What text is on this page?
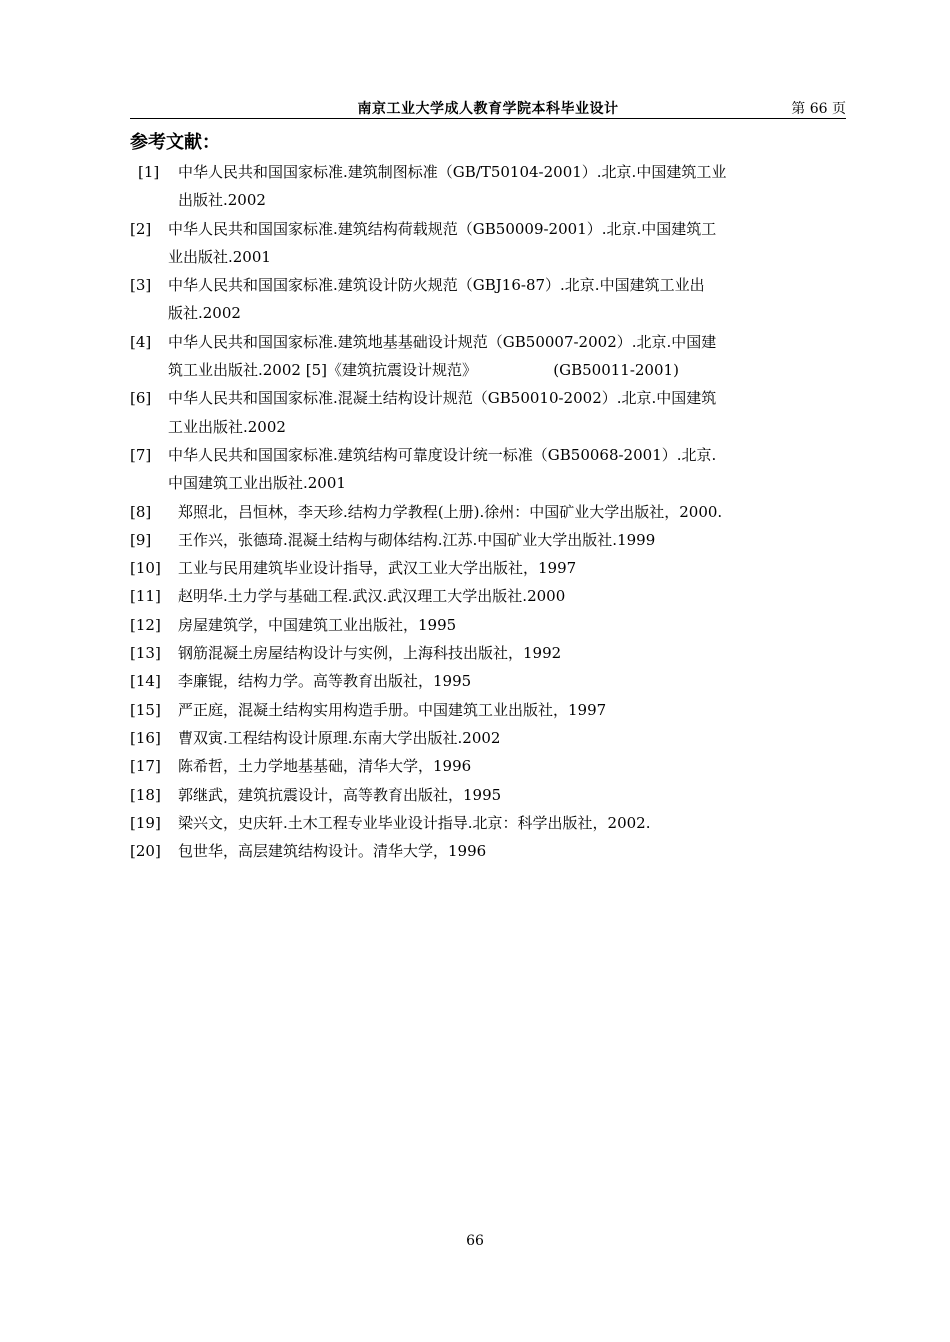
南京工业大学成人教育学院本科毕业设计	第 66 页
参考文献：
[1] 中华人民共和国国家标准.建筑制图标准（GB/T50104-2001）.北京.中国建筑工业
出版社.2002
[2] 中华人民共和国国家标准.建筑结构荷载规范（GB50009-2001）.北京.中国建筑工
业出版社.2001
[3] 中华人民共和国国家标准.建筑设计防火规范（GBJ16-87）.北京.中国建筑工业出
版社.2002
[4] 中华人民共和国国家标准.建筑地基基础设计规范（GB50007-2002）.北京.中国建
筑工业出版社.2002 [5]《建筑抗震设计规范》                (GB50011-2001)
[6] 中华人民共和国国家标准.混凝土结构设计规范（GB50010-2002）.北京.中国建筑
工业出版社.2002
[7] 中华人民共和国国家标准.建筑结构可靠度设计统一标准（GB50068-2001）.北京.
中国建筑工业出版社.2001
[8] 郑照北，吕恒林，李天珍.结构力学教程(上册).徐州：中国矿业大学出版社，2000.
[9] 王作兴，张德琦.混凝土结构与砌体结构.江苏.中国矿业大学出版社.1999
[10] 工业与民用建筑毕业设计指导，武汉工业大学出版社，1997
[11] 赵明华.土力学与基础工程.武汉.武汉理工大学出版社.2000
[12] 房屋建筑学，中国建筑工业出版社，1995
[13] 钢筋混凝土房屋结构设计与实例，上海科技出版社，1992
[14] 李廉锟，结构力学。高等教育出版社，1995
[15] 严正庭，混凝土结构实用构造手册。中国建筑工业出版社，1997
[16] 曹双寅.工程结构设计原理.东南大学出版社.2002
[17] 陈希哲，土力学地基基础，清华大学，1996
[18] 郭继武，建筑抗震设计，高等教育出版社，1995
[19] 梁兴文，史庆轩.土木工程专业毕业设计指导.北京：科学出版社，2002.
[20] 包世华，高层建筑结构设计。清华大学，1996
66
